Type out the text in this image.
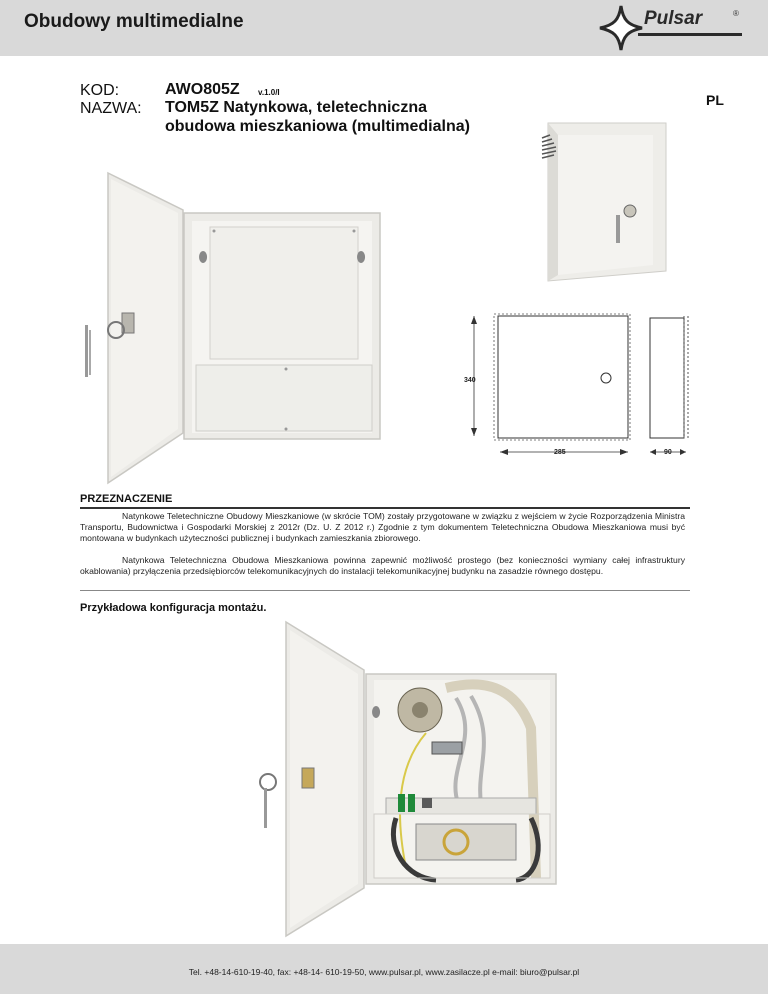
Obudowy multimedialne	Pulsar	®
KOD:	AWO805Z v.1.0/I
NAZWA: TOM5Z Natynkowa, teletechniczna
obudowa mieszkaniowa (multimedialna)
PL
340
285	90
PRZEZNACZENIE
Natynkowe Teletechniczne Obudowy Mieszkaniowe (w skrócie TOM) zostały przygotowane w związku z wejściem w życie Rozporządzenia Ministra Transportu, Budownictwa i Gospodarki Morskiej z 2012r (Dz. U. Z 2012 r.) Zgodnie z tym dokumentem Teletechniczna Obudowa Mieszkaniowa musi być montowana w budynkach użyteczności publicznej i budynkach zamieszkania zbiorowego.
Natynkowa Teletechniczna Obudowa Mieszkaniowa powinna zapewnić możliwość prostego (bez konieczności wymiany całej infrastruktury okablowania) przyłączenia przedsiębiorców telekomunikacyjnych do instalacji telekomunikacyjnej budynku na zasadzie równego dostępu.
Przykładowa konfiguracja montażu.
Tel. +48-14-610-19-40, fax: +48-14- 610-19-50, www.pulsar.pl, www.zasilacze.pl e-mail: biuro@pulsar.pl
